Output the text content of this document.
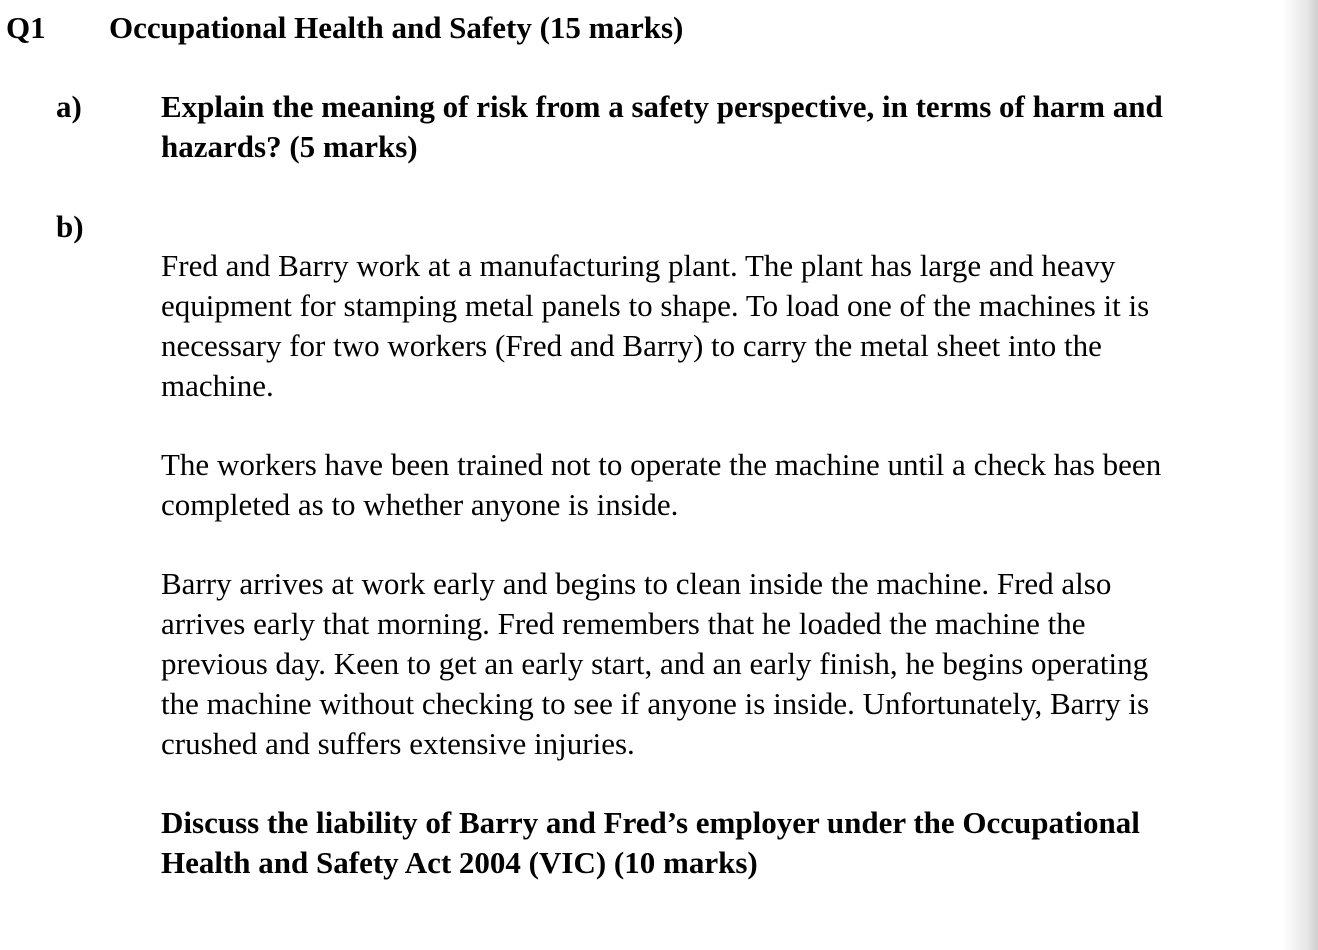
Q1 Occupational Health and Safety (15 marks)
a)	Explain the meaning of risk from a safety perspective, in terms of harm and
hazards? (5 marks)
b)
Fred and Barry work at a manufacturing plant. The plant has large and heavy
equipment for stamping metal panels to shape. To load one of the machines it is
necessary for two workers (Fred and Barry) to carry the metal sheet into the
machine.
The workers have been trained not to operate the machine until a check has been
completed as to whether anyone is inside.
Barry arrives at work early and begins to clean inside the machine. Fred also
arrives early that morning. Fred remembers that he loaded the machine the
previous day. Keen to get an early start, and an early finish, he begins operating
the machine without checking to see if anyone is inside. Unfortunately, Barry is
crushed and suffers extensive injuries.
Discuss the liability of Barry and Fred’s employer under the Occupational
Health and Safety Act 2004 (VIC) (10 marks)
